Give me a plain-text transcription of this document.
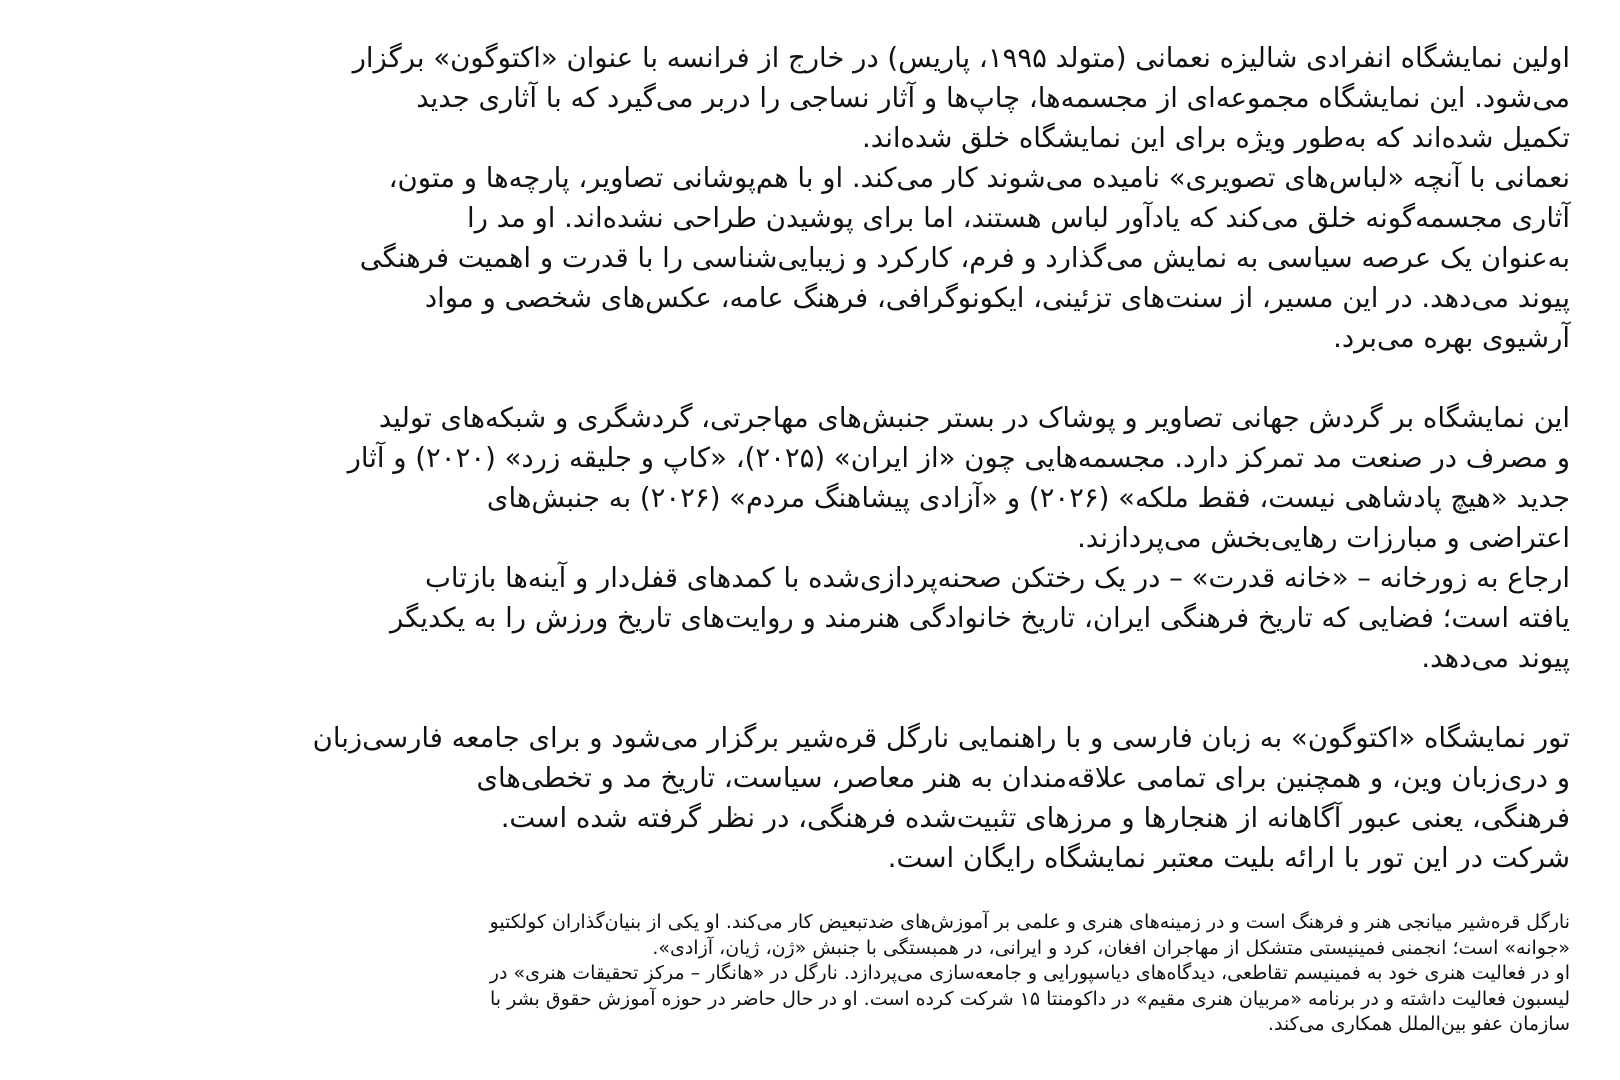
اولین نمایشگاه انفرادی شالیزه نعمانی (متولد ۱۹۹۵، پاریس) در خارج از فرانسه با عنوان «اکتوگون» برگزار
می‌شود. این نمایشگاه مجموعه‌ای از مجسمه‌ها، چاپ‌ها و آثار نساجی را دربر می‌گیرد که با آثاری جدید
تکمیل شده‌اند که به‌طور ویژه برای این نمایشگاه خلق شده‌اند.
نعمانی با آنچه «لباس‌های تصویری» نامیده می‌شوند کار می‌کند. او با هم‌پوشانی تصاویر، پارچه‌ها و متون،
آثاری مجسمه‌گونه خلق می‌کند که یادآور لباس هستند، اما برای پوشیدن طراحی نشده‌اند. او مد را
به‌عنوان یک عرصه سیاسی به نمایش می‌گذارد و فرم، کارکرد و زیبایی‌شناسی را با قدرت و اهمیت فرهنگی
پیوند می‌دهد. در این مسیر، از سنت‌های تزئینی، ایکونوگرافی، فرهنگ عامه، عکس‌های شخصی و مواد
آرشیوی بهره می‌برد.

این نمایشگاه بر گردش جهانی تصاویر و پوشاک در بستر جنبش‌های مهاجرتی، گردشگری و شبکه‌های تولید
و مصرف در صنعت مد تمرکز دارد. مجسمه‌هایی چون «از ایران» (۲۰۲۵)، «کاپ و جلیقه زرد» (۲۰۲۰) و آثار
جدید «هیچ پادشاهی نیست، فقط ملکه» (۲۰۲۶) و «آزادی پیشاهنگ مردم» (۲۰۲۶) به جنبش‌های
اعتراضی و مبارزات رهایی‌بخش می‌پردازند.
ارجاع به زورخانه – «خانه قدرت» – در یک رختکن صحنه‌پردازی‌شده با کمدهای قفل‌دار و آینه‌ها بازتاب
یافته است؛ فضایی که تاریخ فرهنگی ایران، تاریخ خانوادگی هنرمند و روایت‌های تاریخ ورزش را به یکدیگر
پیوند می‌دهد.

تور نمایشگاه «اکتوگون» به زبان فارسی و با راهنمایی نارگل قره‌شیر برگزار می‌شود و برای جامعه فارسی‌زبان
و دری‌زبان وین، و همچنین برای تمامی علاقه‌مندان به هنر معاصر، سیاست، تاریخ مد و تخطی‌های
فرهنگی، یعنی عبور آگاهانه از هنجارها و مرزهای تثبیت‌شده فرهنگی، در نظر گرفته شده است.
شرکت در این تور با ارائه بلیت معتبر نمایشگاه رایگان است.

نارگل قره‌شیر میانجی هنر و فرهنگ است و در زمینه‌های هنری و علمی بر آموزش‌های ضدتبعیض کار می‌کند. او یکی از بنیان‌گذاران کولکتیو
«جوانه» است؛ انجمنی فمینیستی متشکل از مهاجران افغان، کرد و ایرانی، در همبستگی با جنبش «ژن، ژیان، آزادی».
او در فعالیت هنری خود به فمینیسم تقاطعی، دیدگاه‌های دیاسپورایی و جامعه‌سازی می‌پردازد. نارگل در «هانگار – مرکز تحقیقات هنری» در
لیسبون فعالیت داشته و در برنامه «مربیان هنری مقیم» در داکومنتا ۱۵ شرکت کرده است. او در حال حاضر در حوزه آموزش حقوق بشر با
سازمان عفو بین‌الملل همکاری می‌کند.
